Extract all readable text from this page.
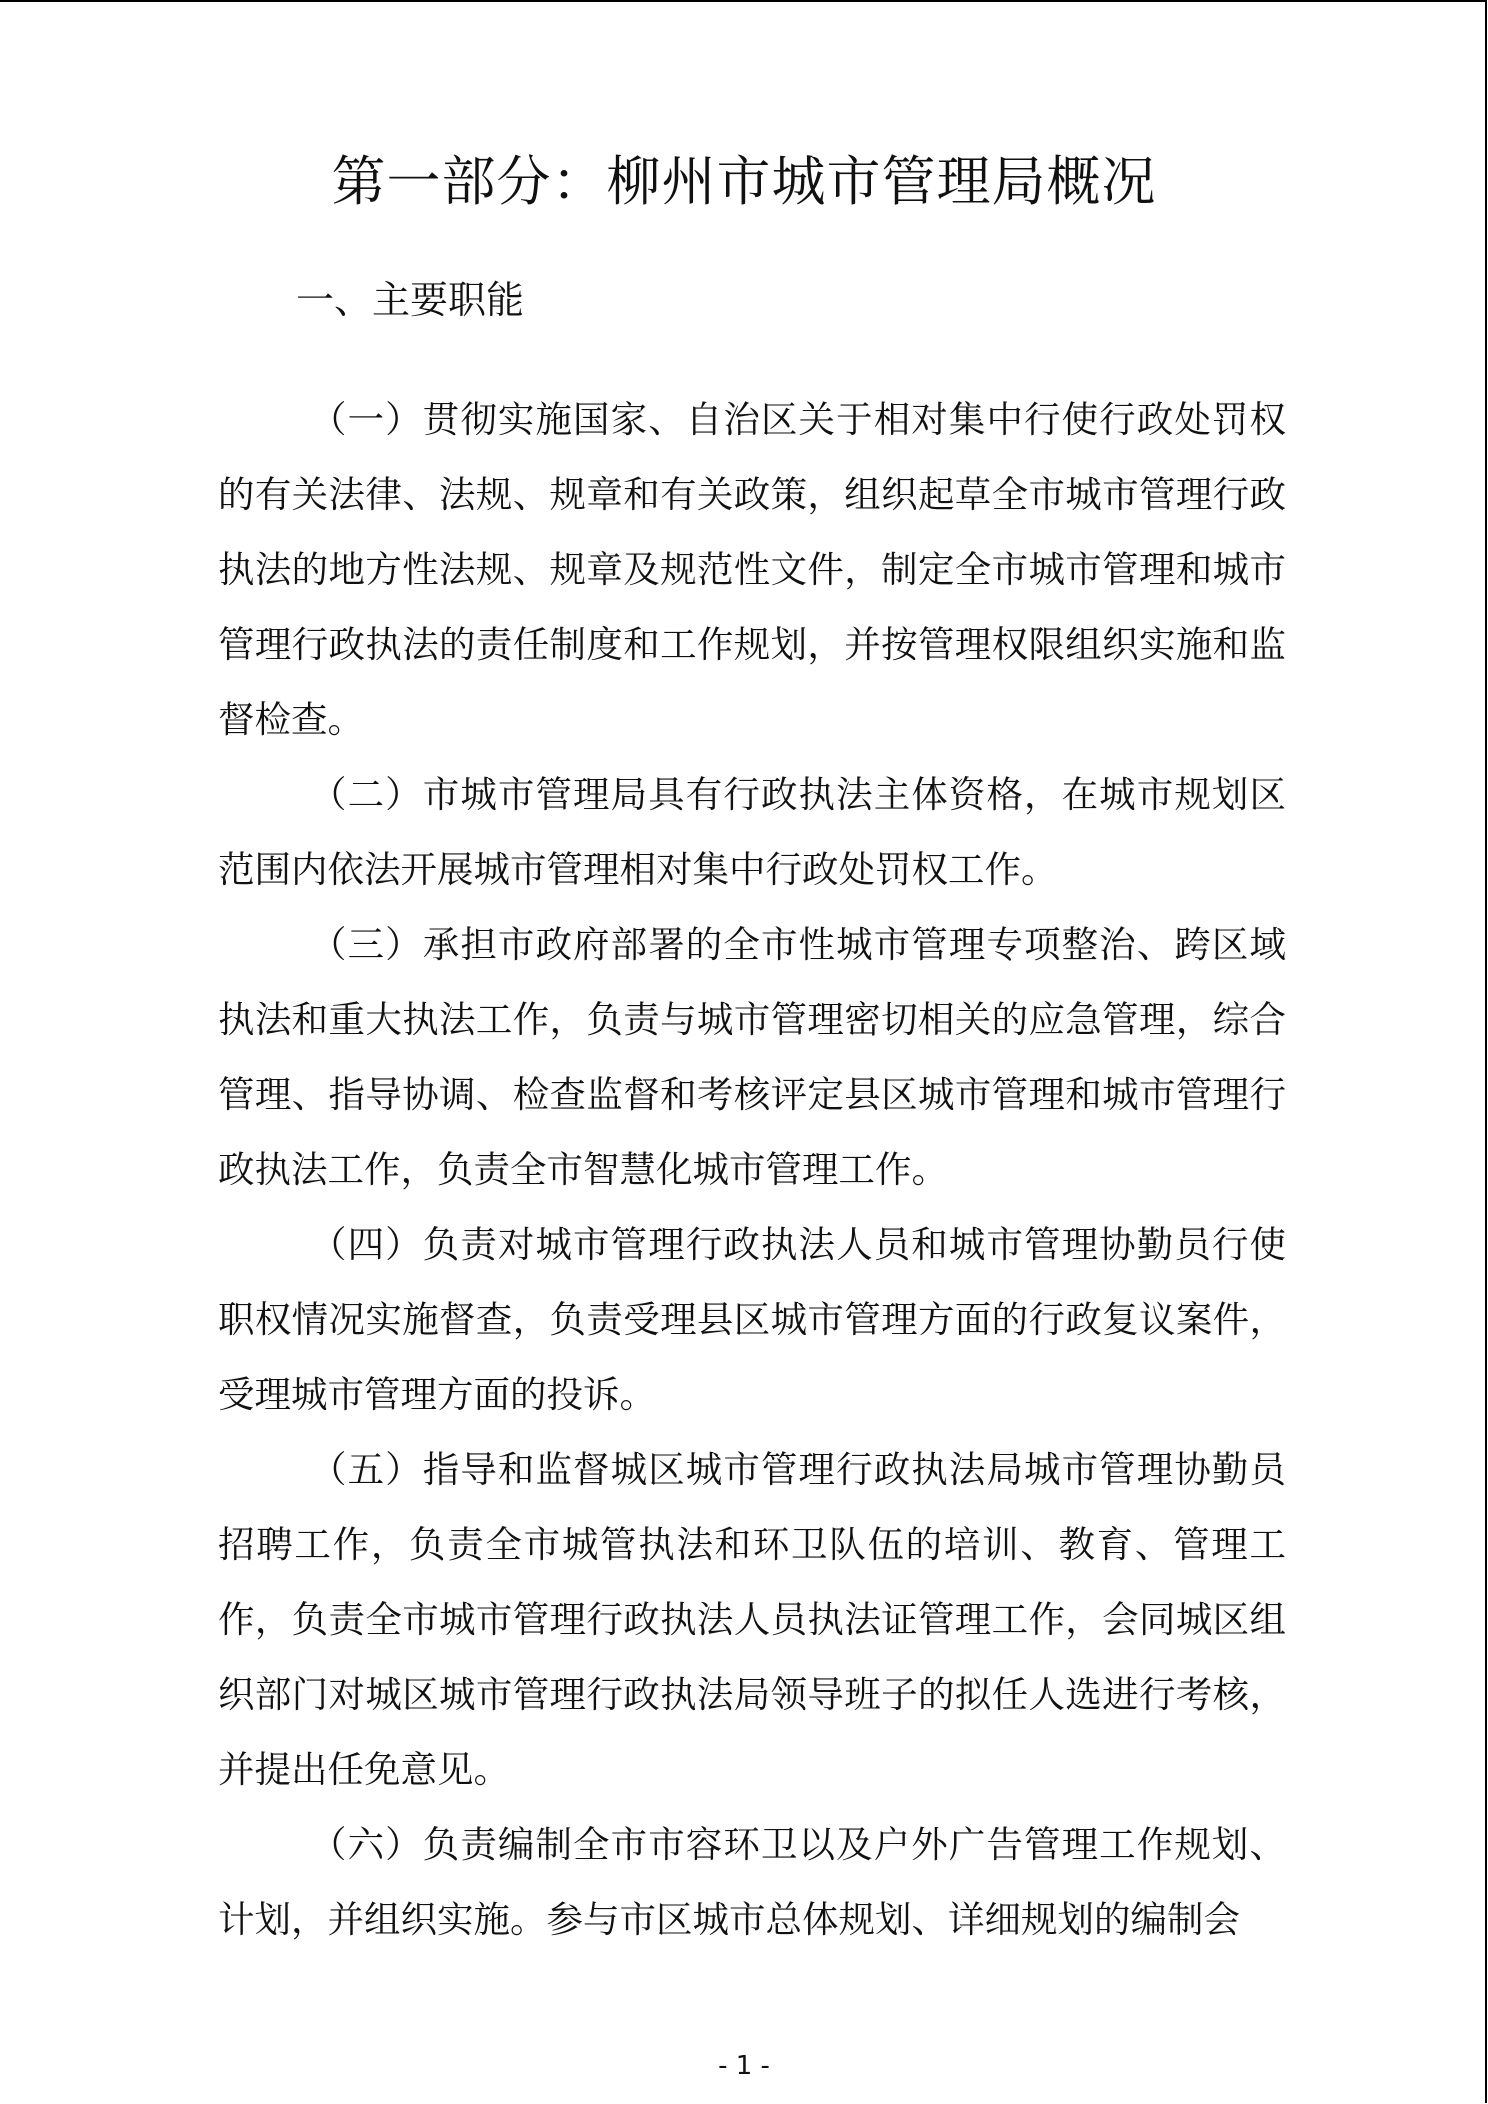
第一部分：柳州市城市管理局概况
一、主要职能

（一）贯彻实施国家、自治区关于相对集中行使行政处罚权的有关法律、法规、规章和有关政策，组织起草全市城市管理行政执法的地方性法规、规章及规范性文件，制定全市城市管理和城市管理行政执法的责任制度和工作规划，并按管理权限组织实施和监督检查。

（二）市城市管理局具有行政执法主体资格，在城市规划区范围内依法开展城市管理相对集中行政处罚权工作。

（三）承担市政府部署的全市性城市管理专项整治、跨区域执法和重大执法工作，负责与城市管理密切相关的应急管理，综合管理、指导协调、检查监督和考核评定县区城市管理和城市管理行政执法工作，负责全市智慧化城市管理工作。

（四）负责对城市管理行政执法人员和城市管理协勤员行使职权情况实施督查，负责受理县区城市管理方面的行政复议案件，受理城市管理方面的投诉。

（五）指导和监督城区城市管理行政执法局城市管理协勤员招聘工作，负责全市城管执法和环卫队伍的培训、教育、管理工作，负责全市城市管理行政执法人员执法证管理工作，会同城区组织部门对城区城市管理行政执法局领导班子的拟任人选进行考核，并提出任免意见。

（六）负责编制全市市容环卫以及户外广告管理工作规划、计划，并组织实施。参与市区城市总体规划、详细规划的编制会

- 1 -
